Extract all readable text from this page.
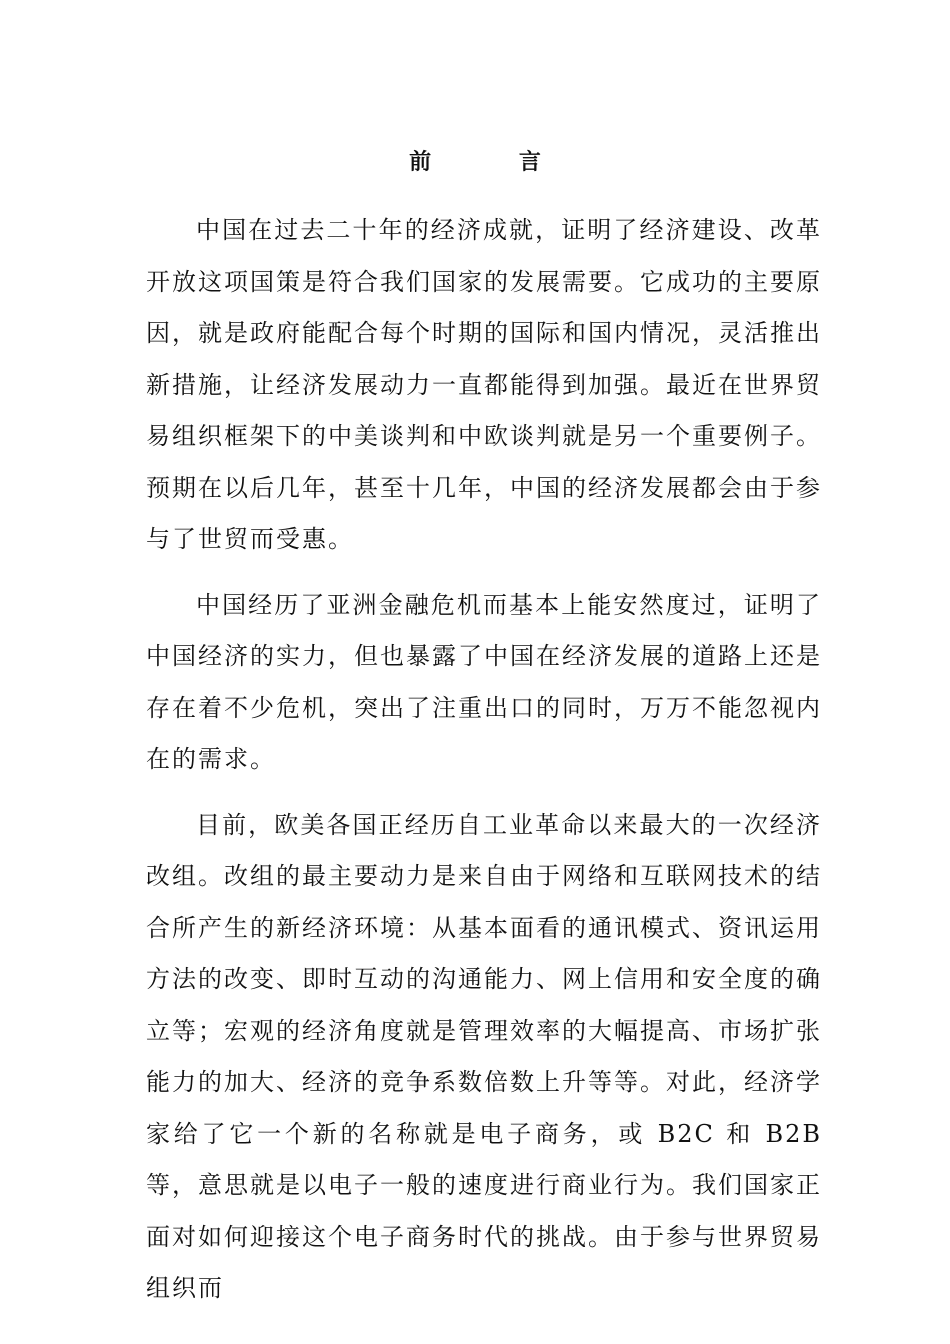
前 言

中国在过去二十年的经济成就，证明了经济建设、改革开放这项国策是符合我们国家的发展需要。它成功的主要原因，就是政府能配合每个时期的国际和国内情况，灵活推出新措施，让经济发展动力一直都能得到加强。最近在世界贸易组织框架下的中美谈判和中欧谈判就是另一个重要例子。预期在以后几年，甚至十几年，中国的经济发展都会由于参与了世贸而受惠。

中国经历了亚洲金融危机而基本上能安然度过，证明了中国经济的实力，但也暴露了中国在经济发展的道路上还是存在着不少危机，突出了注重出口的同时，万万不能忽视内在的需求。

目前，欧美各国正经历自工业革命以来最大的一次经济改组。改组的最主要动力是来自由于网络和互联网技术的结合所产生的新经济环境：从基本面看的通讯模式、资讯运用方法的改变、即时互动的沟通能力、网上信用和安全度的确立等；宏观的经济角度就是管理效率的大幅提高、市场扩张能力的加大、经济的竞争系数倍数上升等等。对此，经济学家给了它一个新的名称就是电子商务，或 B2C 和 B2B 等，意思就是以电子一般的速度进行商业行为。我们国家正面对如何迎接这个电子商务时代的挑战。由于参与世界贸易组织而
